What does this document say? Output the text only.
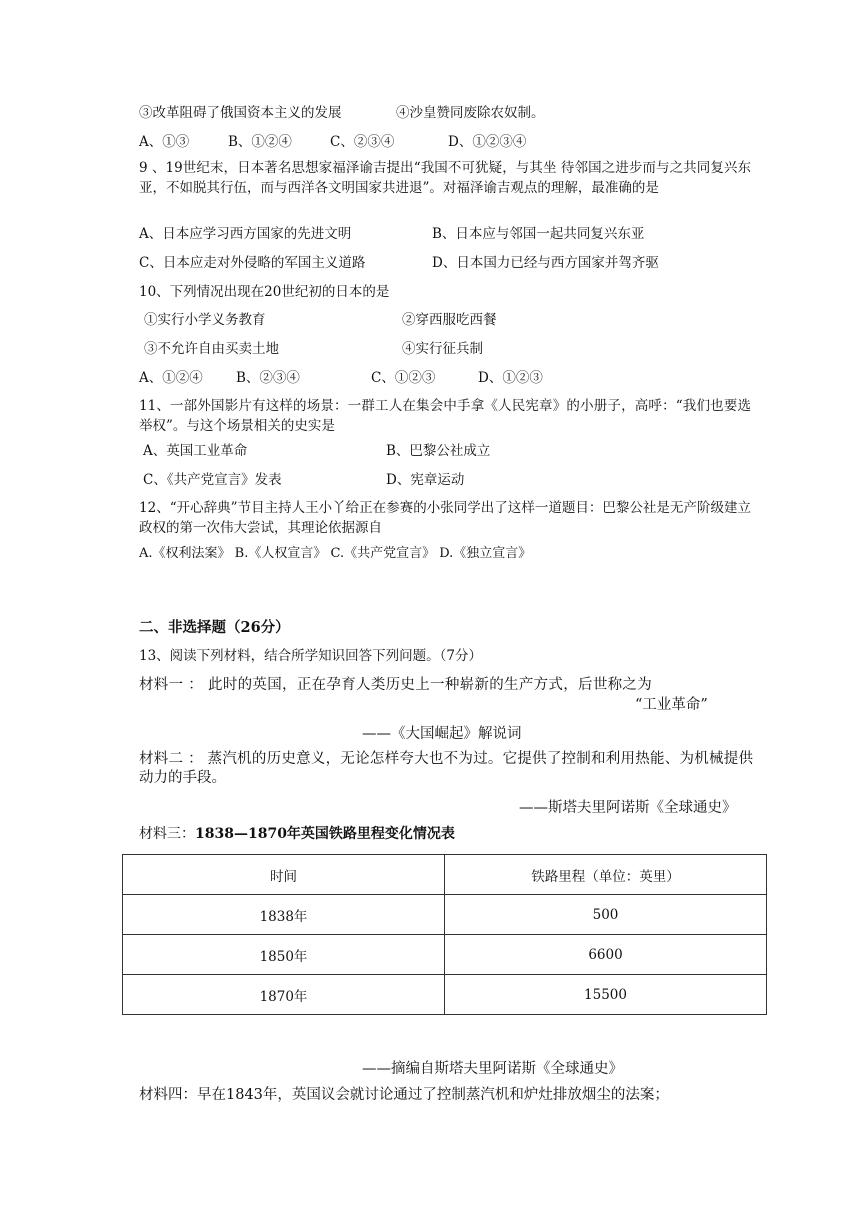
③改革阻碍了俄国资本主义的发展	④沙皇赞同废除农奴制。
A、①③	B、①②④	C、②③④	D、①②③④
9 、19世纪末，日本著名思想家福泽谕吉提出“我国不可犹疑，与其坐 待邻国之进步而与之共同复兴东亚，不如脱其行伍，而与西洋各文明国家共进退”。对福泽谕吉观点的理解，最准确的是
A、日本应学习西方国家的先进文明	B、日本应与邻国一起共同复兴东亚
C、日本应走对外侵略的军国主义道路	D、日本国力已经与西方国家并驾齐驱
10、下列情况出现在20世纪初的日本的是
①实行小学义务教育	②穿西服吃西餐
③不允许自由买卖土地	④实行征兵制
A、①②④ B、②③④	C、①②③	D、①②③
11、一部外国影片有这样的场景：一群工人在集会中手拿《人民宪章》的小册子，高呼：“我们也要选举权”。与这个场景相关的史实是
A、英国工业革命	B、巴黎公社成立
C、《共产党宣言》发表	D、宪章运动
12、“开心辞典”节目主持人王小丫给正在参赛的小张同学出了这样一道题目：巴黎公社是无产阶级建立政权的第一次伟大尝试，其理论依据源自
A.《权利法案》 B.《人权宣言》 C.《共产党宣言》 D.《独立宣言》
二、非选择题（26分）
13、阅读下列材料，结合所学知识回答下列问题。（7分）
材料一 ： 此时的英国，正在孕育人类历史上一种崭新的生产方式，后世称之为
“工业革命”
——《大国崛起》解说词
材料二 ： 蒸汽机的历史意义，无论怎样夸大也不为过。它提供了控制和利用热能、为机械提供动力的手段。
——斯塔夫里阿诺斯《全球通史》
材料三：1838—1870年英国铁路里程变化情况表
时间	铁路里程（单位：英里）
1838年	500
1850年	6600
1870年	15500
——摘编自斯塔夫里阿诺斯《全球通史》
材料四：早在1843年，英国议会就讨论通过了控制蒸汽机和炉灶排放烟尘的法案；
